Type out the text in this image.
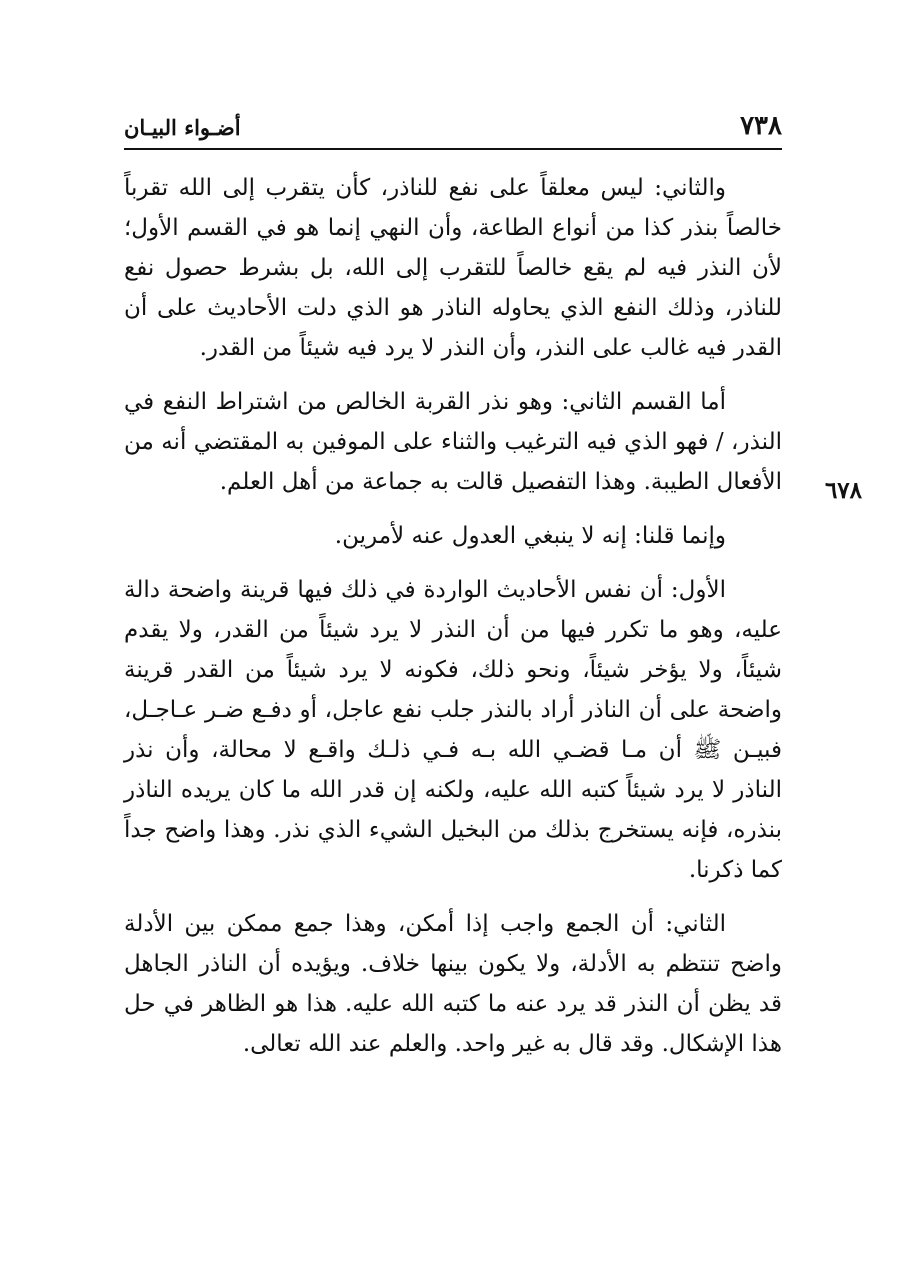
٧٣٨
أضـواء البيـان
٦٧٨

والثاني: ليس معلقاً على نفع للناذر، كأن يتقرب إلى الله تقرباً خالصاً بنذر كذا من أنواع الطاعة، وأن النهي إنما هو في القسم الأول؛ لأن النذر فيه لم يقع خالصاً للتقرب إلى الله، بل بشرط حصول نفع للناذر، وذلك النفع الذي يحاوله الناذر هو الذي دلت الأحاديث على أن القدر فيه غالب على النذر، وأن النذر لا يرد فيه شيئاً من القدر.

أما القسم الثاني: وهو نذر القربة الخالص من اشتراط النفع في النذر، / فهو الذي فيه الترغيب والثناء على الموفين به المقتضي أنه من الأفعال الطيبة. وهذا التفصيل قالت به جماعة من أهل العلم.

وإنما قلنا: إنه لا ينبغي العدول عنه لأمرين.

الأول: أن نفس الأحاديث الواردة في ذلك فيها قرينة واضحة دالة عليه، وهو ما تكرر فيها من أن النذر لا يرد شيئاً من القدر، ولا يقدم شيئاً، ولا يؤخر شيئاً، ونحو ذلك، فكونه لا يرد شيئاً من القدر قرينة واضحة على أن الناذر أراد بالنذر جلب نفع عاجل، أو دفـع ضـر عـاجـل، فبيـن ﷺ أن مـا قضـي الله بـه فـي ذلـك واقـع لا محالة، وأن نذر الناذر لا يرد شيئاً كتبه الله عليه، ولكنه إن قدر الله ما كان يريده الناذر بنذره، فإنه يستخرج بذلك من البخيل الشيء الذي نذر. وهذا واضح جداً كما ذكرنا.

الثاني: أن الجمع واجب إذا أمكن، وهذا جمع ممكن بين الأدلة واضح تنتظم به الأدلة، ولا يكون بينها خلاف. ويؤيده أن الناذر الجاهل قد يظن أن النذر قد يرد عنه ما كتبه الله عليه. هذا هو الظاهر في حل هذا الإشكال. وقد قال به غير واحد. والعلم عند الله تعالى.
